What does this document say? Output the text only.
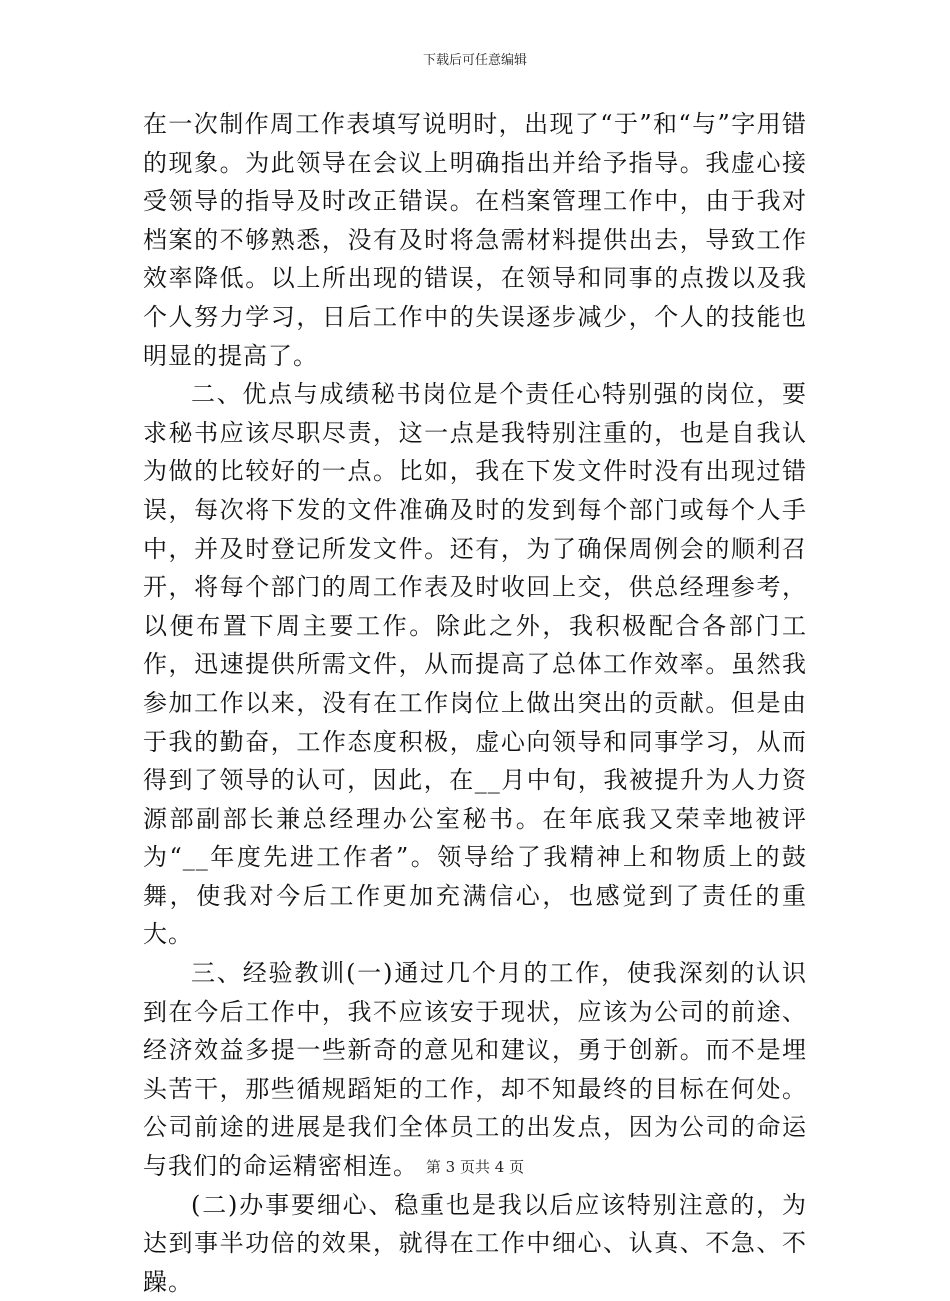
下载后可任意编辑

在一次制作周工作表填写说明时，出现了“于”和“与”字用错的现象。为此领导在会议上明确指出并给予指导。我虚心接受领导的指导及时改正错误。在档案管理工作中，由于我对档案的不够熟悉，没有及时将急需材料提供出去，导致工作效率降低。以上所出现的错误，在领导和同事的点拨以及我个人努力学习，日后工作中的失误逐步减少，个人的技能也明显的提高了。

二、优点与成绩秘书岗位是个责任心特别强的岗位，要求秘书应该尽职尽责，这一点是我特别注重的，也是自我认为做的比较好的一点。比如，我在下发文件时没有出现过错误，每次将下发的文件准确及时的发到每个部门或每个人手中，并及时登记所发文件。还有，为了确保周例会的顺利召开，将每个部门的周工作表及时收回上交，供总经理参考，以便布置下周主要工作。除此之外，我积极配合各部门工作，迅速提供所需文件，从而提高了总体工作效率。虽然我参加工作以来，没有在工作岗位上做出突出的贡献。但是由于我的勤奋，工作态度积极，虚心向领导和同事学习，从而得到了领导的认可，因此，在__月中旬，我被提升为人力资源部副部长兼总经理办公室秘书。在年底我又荣幸地被评为“__年度先进工作者”。领导给了我精神上和物质上的鼓舞，使我对今后工作更加充满信心，也感觉到了责任的重大。

三、经验教训(一)通过几个月的工作，使我深刻的认识到在今后工作中，我不应该安于现状，应该为公司的前途、经济效益多提一些新奇的意见和建议，勇于创新。而不是埋头苦干，那些循规蹈矩的工作，却不知最终的目标在何处。公司前途的进展是我们全体员工的出发点，因为公司的命运与我们的命运精密相连。

(二)办事要细心、稳重也是我以后应该特别注意的，为达到事半功倍的效果，就得在工作中细心、认真、不急、不躁。

第 3 页共 4 页
